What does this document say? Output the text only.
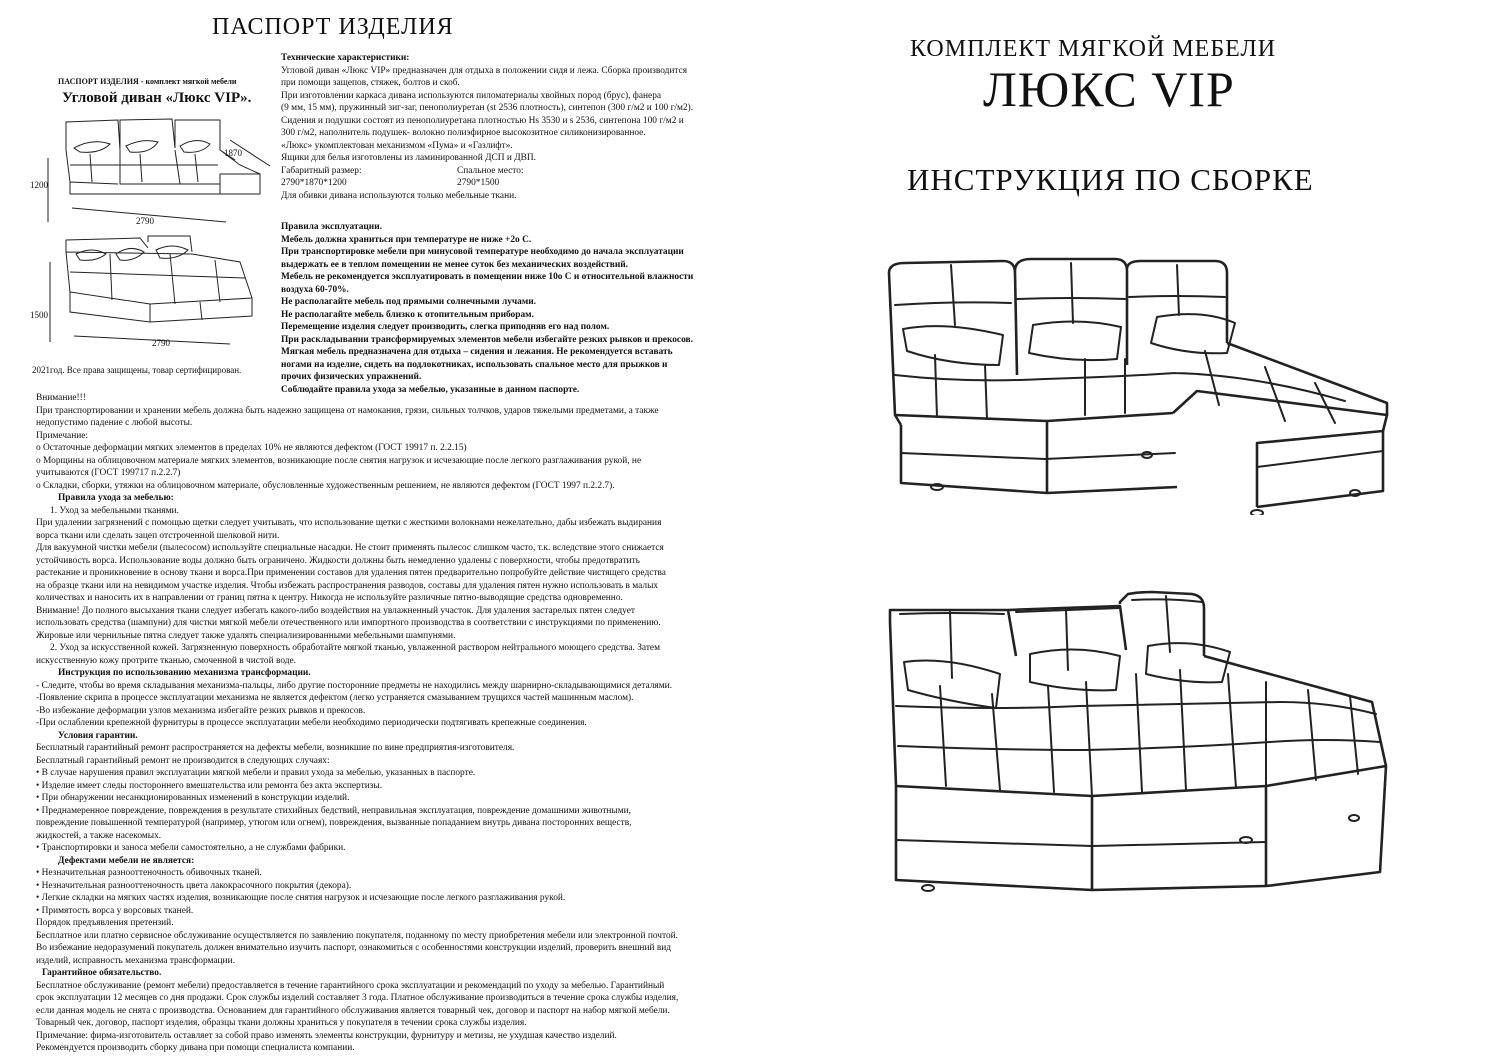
ПАСПОРТ ИЗДЕЛИЯ
ПАСПОРТ ИЗДЕЛИЯ - комплект мягкой мебели
Угловой диван «Люкс VIP».
1870
1200
2790
1500
2790
2021год. Все права защищены, товар сертифицирован.
Технические характеристики:
Угловой диван «Люкс VIP» предназначен для отдыха в положении сидя и лежа. Сборка производится
при помощи защепов, стяжек, болтов и скоб.
При изготовлении каркаса дивана используются пиломатериалы хвойных пород (брус), фанера
(9 мм, 15 мм), пружинный зиг-заг, пенополиуретан (st 2536 плотность), синтепон (300 г/м2 и 100 г/м2).
Сидения и подушки состоят из пенополиуретана плотностью Hs 3530 и s 2536, синтепона 100 г/м2 и
300 г/м2, наполнитель подушек- волокно полиэфирное высокозитное силиконизированное.
«Люкс» укомплектован механизмом «Пума» и «Газлифт».
Ящики для белья изготовлены из ламинированной ДСП и ДВП.
Габаритный размер:	Спальное место:
2790*1870*1200	2790*1500
Для обивки дивана используются только мебельные ткани.
Правила эксплуатации.
Мебель должна храниться при температуре не ниже +2о С.
При транспортировке мебели при минусовой температуре необходимо до начала эксплуатации
выдержать ее в теплом помещении не менее суток без механических воздействий.
Мебель не рекомендуется эксплуатировать в помещении ниже 10о С и относительной влажности
воздуха 60-70%.
Не располагайте мебель под прямыми солнечными лучами.
Не располагайте мебель близко к отопительным приборам.
Перемещение изделия следует производить, слегка приподняв его над полом.
При раскладывании трансформируемых элементов мебели избегайте резких рывков и прекосов.
Мягкая мебель предназначена для отдыха – сидения и лежания. Не рекомендуется вставать
ногами на изделие, сидеть на подлокотниках, использовать спальное место для прыжков и
прочих физических упражнений.
Соблюдайте правила ухода за мебелью, указанные в данном паспорте.
Внимание!!!
При транспортировании и хранении мебель должна быть надежно защищена от намокания, грязи, сильных толчков, ударов тяжелыми предметами, а также
недопустимо падение с любой высоты.
Примечание:
o Остаточные деформации мягких элементов в пределах 10% не являются дефектом (ГОСТ 19917 п. 2.2.15)
o Морщины на облицовочном материале мягких элементов, возникающие после снятия нагрузок и исчезающие после легкого разглаживания рукой, не
учитываются (ГОСТ 199717 п.2.2.7)
o Складки, сборки, утяжки на облицовочном материале, обусловленные художественным решением, не являются дефектом (ГОСТ 1997 п.2.2.7).
Правила ухода за мебелью:
1. Уход за мебельными тканями.
При удалении загрязнений с помощью щетки следует учитывать, что использование щетки с жесткими волокнами нежелательно, дабы избежать выдирания
ворса ткани или сделать зацеп отстроченной шелковой нити.
Для вакуумной чистки мебели (пылесосом) используйте специальные насадки. Не стоит применять пылесос слишком часто, т.к. вследствие этого снижается
устойчивость ворса. Использование воды должно быть ограничено. Жидкости должны быть немедленно удалены с поверхности, чтобы предотвратить
растекание и проникновение в основу ткани и ворса.При применении составов для удаления пятен предварительно попробуйте действие чистящего средства
на образце ткани или на невидимом участке изделия. Чтобы избежать распространения разводов, составы для удаления пятен нужно использовать в малых
количествах и наносить их в направлении от границ пятна к центру. Никогда не используйте различные пятно-выводящие средства одновременно.
Внимание! До полного высыхания ткани следует избегать какого-либо воздействия на увлажненный участок. Для удаления застарелых пятен следует
использовать средства (шампуни) для чистки мягкой мебели отечественного или импортного производства в соответствии с инструкциями по применению.
Жировые или чернильные пятна следует также удалять специализированными мебельными шампунями.
2. Уход за искусственной кожей. Загрязненную поверхность обработайте мягкой тканью, увлаженной раствором нейтрального моющего средства. Затем
искусственную кожу протрите тканью, смоченной в чистой воде.
Инструкция по использованию механизма трансформации.
- Следите, чтобы во время складывания механизма-пальцы, либо другие посторонние предметы не находились между шарнирно-складывающимися деталями.
-Появление скрипа в процессе эксплуатации механизма не является дефектом (легко устраняется смазыванием трущихся частей машинным маслом).
-Во избежание деформации узлов механизма избегайте резких рывков и прекосов.
-При ослаблении крепежной фурнитуры в процессе эксплуатации мебели необходимо периодически подтягивать крепежные соединения.
Условия гарантии.
Бесплатный гарантийный ремонт распространяется на дефекты мебели, возникшие по вине предприятия-изготовителя.
Бесплатный гарантийный ремонт не производится в следующих случаях:
• В случае нарушения правил эксплуатации мягкой мебели и правил ухода за мебелью, указанных в паспорте.
• Изделие имеет следы постороннего вмешательства или ремонта без акта экспертизы.
• При обнаружении несанкционированных изменений в конструкции изделий.
• Преднамеренное повреждение, повреждения в результате стихийных бедствий, неправильная эксплуатация, повреждение домашними животными,
повреждение повышенной температурой (например, утюгом или огнем), повреждения, вызванные попаданием внутрь дивана посторонних веществ,
жидкостей, а также насекомых.
• Транспортировки и заноса мебели самостоятельно, а не службами фабрики.
Дефектами мебели не является:
• Незначительная разнооттеночность обивочных тканей.
• Незначительная разнооттеночность цвета лакокрасочного покрытия (декора).
• Легкие складки на мягких частях изделия, возникающие после снятия нагрузок и исчезающие после легкого разглаживания рукой.
• Примятость ворса у ворсовых тканей.
Порядок предъявления претензий.
Бесплатное или платно сервисное обслуживание осуществляется по заявлению покупателя, поданному по месту приобретения мебели или электронной почтой.
Во избежание недоразумений покупатель должен внимательно изучить паспорт, ознакомиться с особенностями конструкции изделий, проверить внешний вид
изделий, исправность механизма трансформации.
Гарантийное обязательство.
Бесплатное обслуживание (ремонт мебели) предоставляется в течение гарантийного срока эксплуатации и рекомендаций по уходу за мебелью. Гарантийный
срок эксплуатации 12 месяцев со дня продажи. Срок службы изделий составляет 3 года. Платное обслуживание производиться в течение срока службы изделия,
если данная модель не снята с производства. Основанием для гарантийного обслуживания является товарный чек, договор и паспорт на набор мягкой мебели.
Товарный чек, договор, паспорт изделия, образцы ткани должны храниться у покупателя в течении срока службы изделия.
Примечание: фирма-изготовитель оставляет за собой право изменять элементы конструкции, фурнитуру и метизы, не ухудшая качество изделий.
Рекомендуется производить сборку дивана при помощи специалиста компании.
КОМПЛЕКТ МЯГКОЙ МЕБЕЛИ
ЛЮКС VIP
ИНСТРУКЦИЯ ПО СБОРКЕ
